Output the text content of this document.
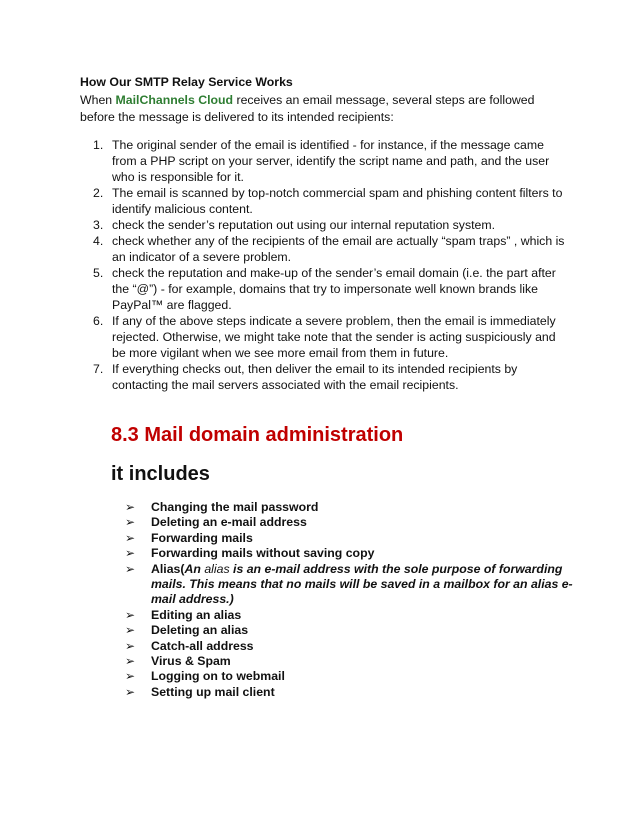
How Our SMTP Relay Service Works
When MailChannels Cloud receives an email message, several steps are followed before the message is delivered to its intended recipients:
1. The original sender of the email is identified - for instance, if the message came from a PHP script on your server, identify the script name and path, and the user who is responsible for it.
2. The email is scanned by top-notch commercial spam and phishing content filters to identify malicious content.
3. check the sender’s reputation out using our internal reputation system.
4. check whether any of the recipients of the email are actually “spam traps” , which is an indicator of a severe problem.
5. check the reputation and make-up of the sender’s email domain (i.e. the part after the “@”) - for example, domains that try to impersonate well known brands like PayPal™ are flagged.
6. If any of the above steps indicate a severe problem, then the email is immediately rejected. Otherwise, we might take note that the sender is acting suspiciously and be more vigilant when we see more email from them in future.
7. If everything checks out, then deliver the email to its intended recipients by contacting the mail servers associated with the email recipients.
8.3 Mail domain administration
it includes
➢ Changing the mail password
➢ Deleting an e-mail address
➢ Forwarding mails
➢ Forwarding mails without saving copy
➢ Alias(An alias is an e-mail address with the sole purpose of forwarding mails. This means that no mails will be saved in a mailbox for an alias e-mail address.)
➢ Editing an alias
➢ Deleting an alias
➢ Catch-all address
➢ Virus & Spam
➢ Logging on to webmail
➢ Setting up mail client
